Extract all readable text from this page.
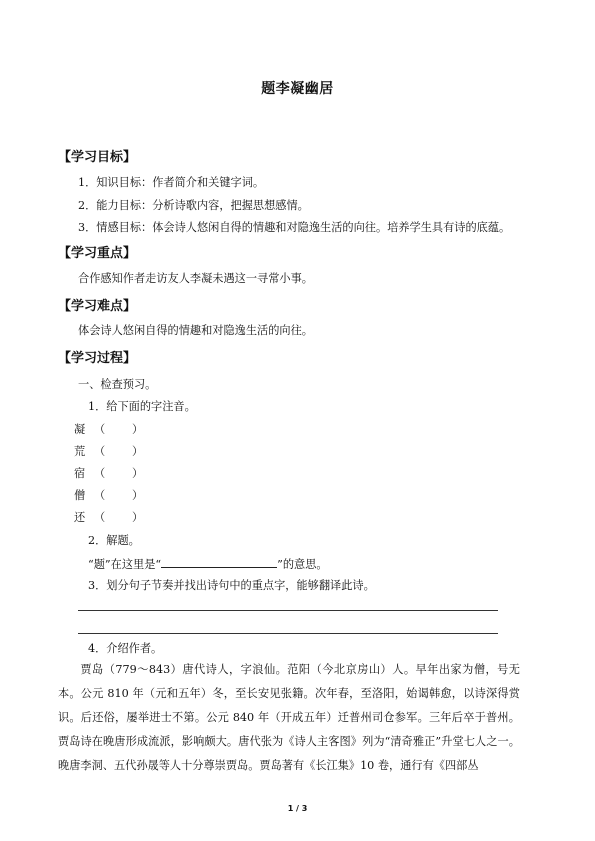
题李凝幽居
【学习目标】
1．知识目标：作者简介和关键字词。
2．能力目标：分析诗歌内容，把握思想感情。
3．情感目标：体会诗人悠闲自得的情趣和对隐逸生活的向往。培养学生具有诗的底蕴。
【学习重点】
合作感知作者走访友人李凝未遇这一寻常小事。
【学习难点】
体会诗人悠闲自得的情趣和对隐逸生活的向往。
【学习过程】
一、检查预习。
1．给下面的字注音。
凝 （ ）
荒 （ ）
宿 （ ）
僧 （ ）
还 （ ）
2．解题。
“题”在这里是“	”的意思。
3．划分句子节奏并找出诗句中的重点字，能够翻译此诗。
4．介绍作者。
贾岛（779～843）唐代诗人，字浪仙。范阳（今北京房山）人。早年出家为僧，号无本。公元 810 年（元和五年）冬，至长安见张籍。次年春，至洛阳，始谒韩愈，以诗深得赏识。后还俗，屡举进士不第。公元 840 年（开成五年）迁普州司仓参军。三年后卒于普州。贾岛诗在晚唐形成流派，影响颇大。唐代张为《诗人主客图》列为“清奇雅正”升堂七人之一。晚唐李洞、五代孙晟等人十分尊崇贾岛。贾岛著有《长江集》10 卷，通行有《四部丛
1 / 3
